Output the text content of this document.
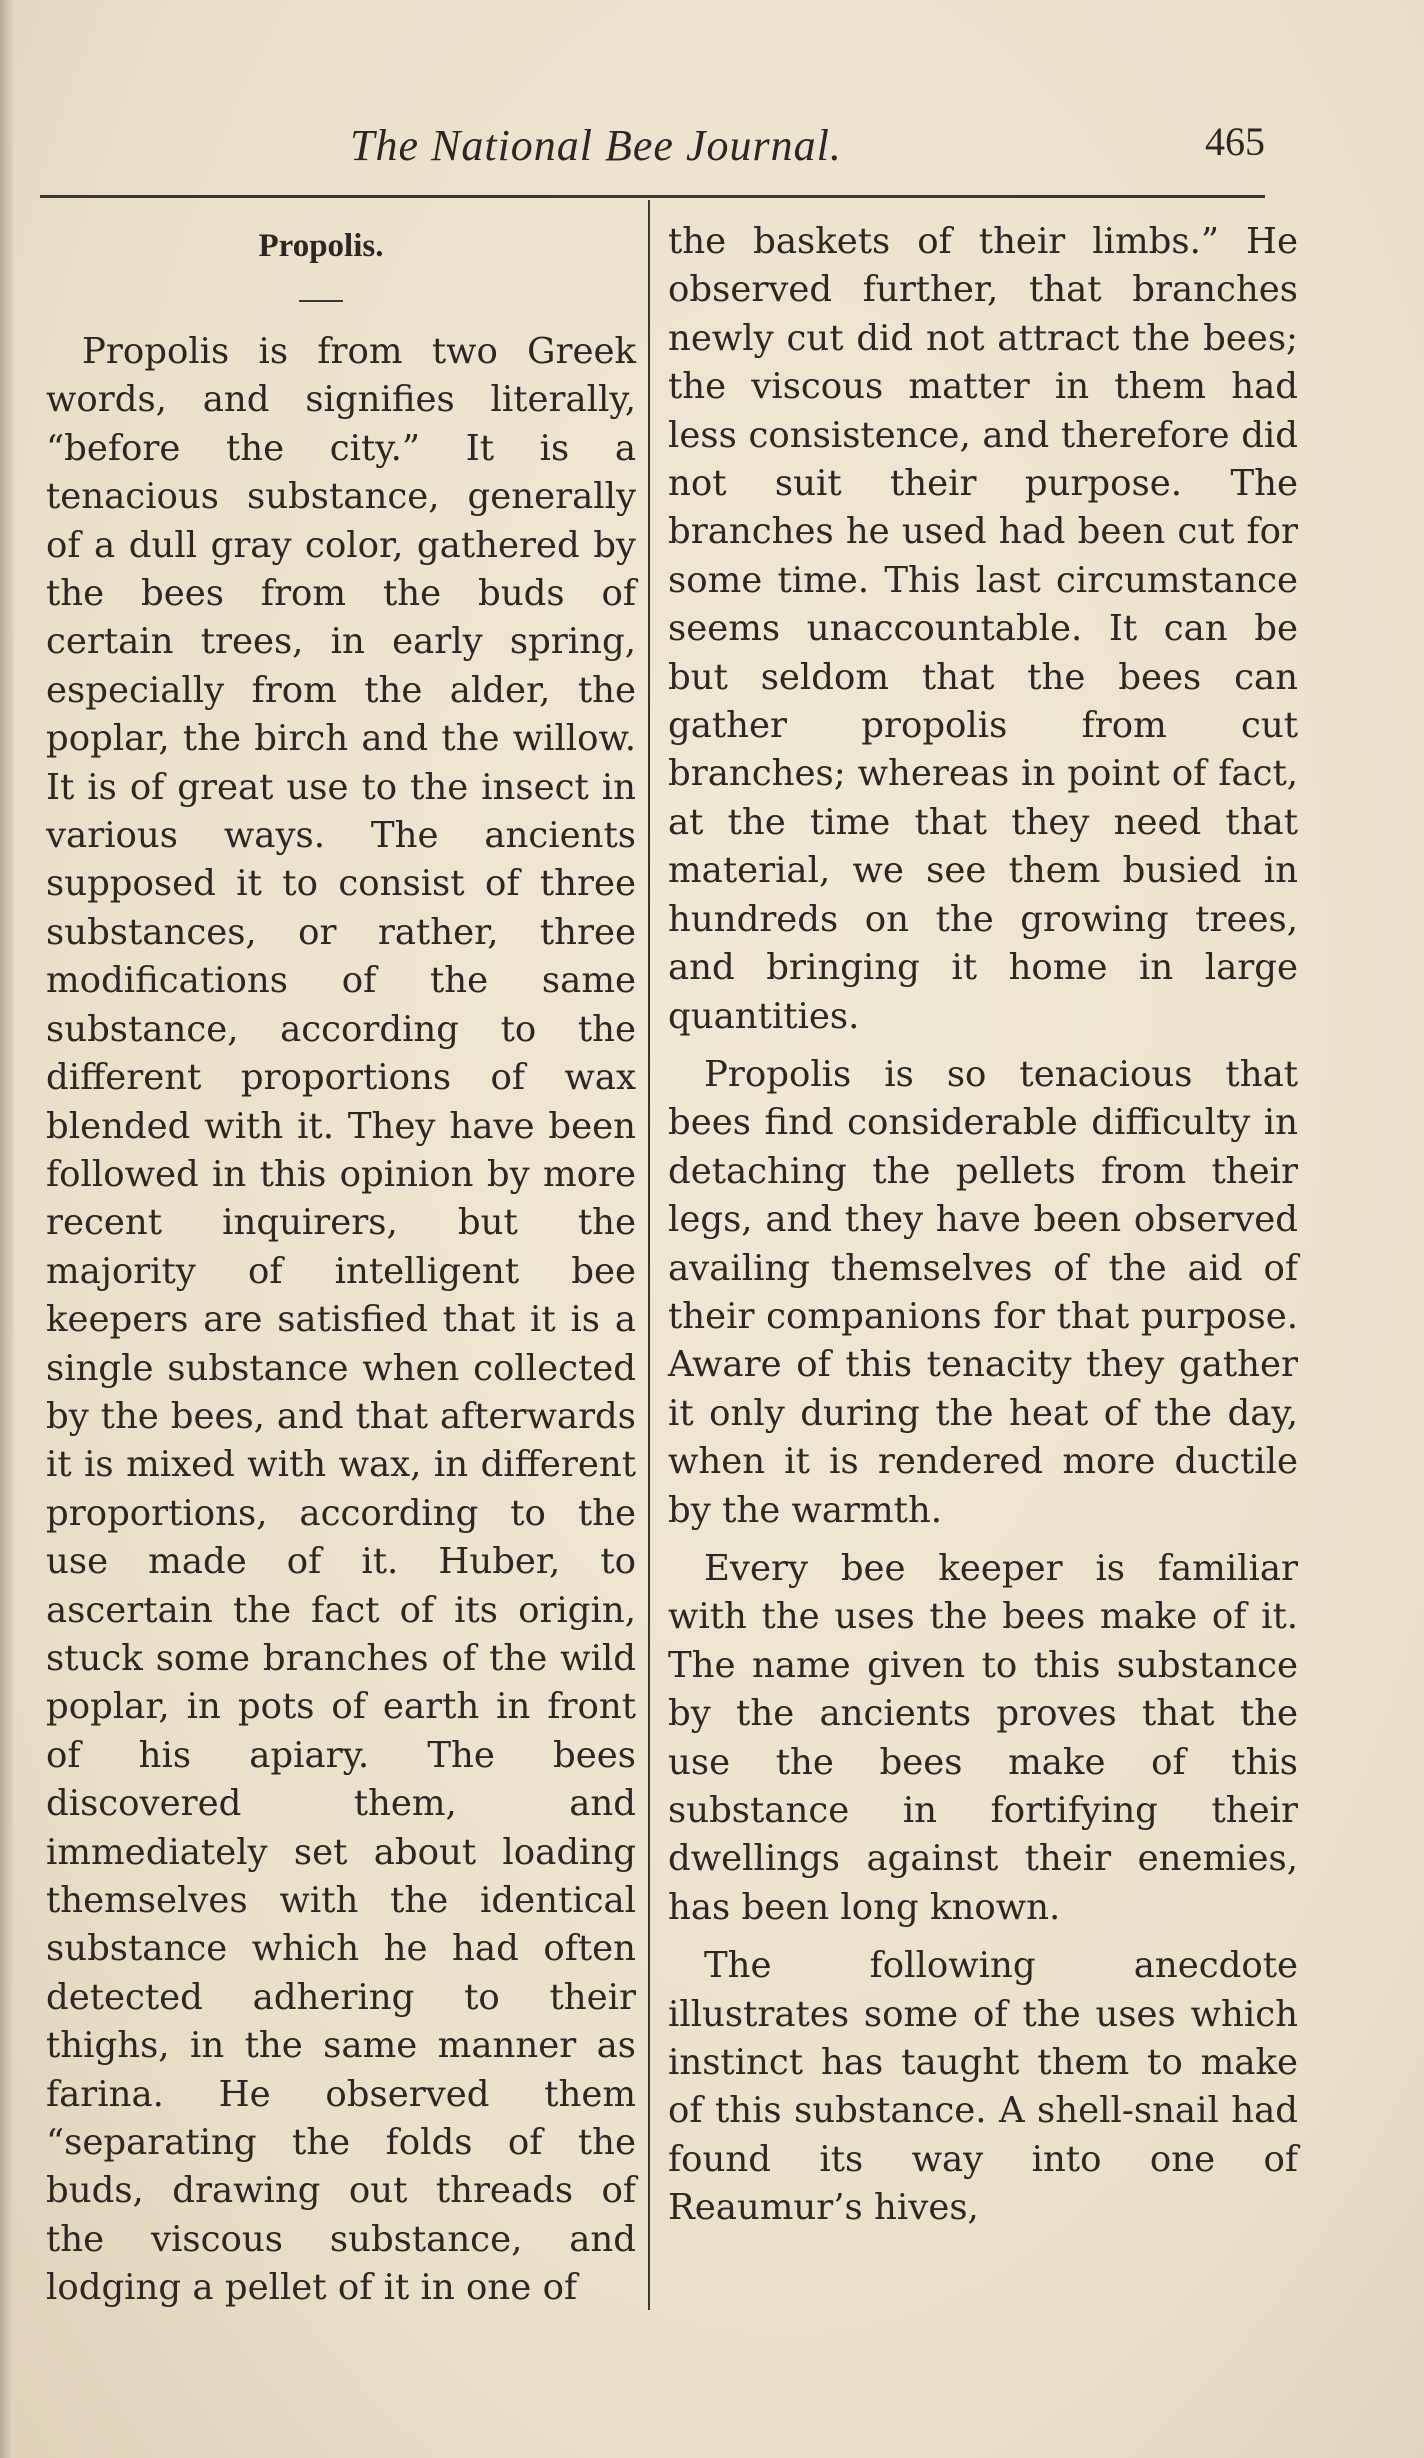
The National Bee Journal.	465
Propolis.

Propolis is from two Greek words, and signifies literally, “before the city.” It is a tenacious substance, generally of a dull gray color, gathered by the bees from the buds of certain trees, in early spring, especially from the alder, the poplar, the birch and the willow. It is of great use to the insect in various ways. The ancients supposed it to consist of three substances, or rather, three modifications of the same substance, according to the different proportions of wax blended with it. They have been followed in this opinion by more recent inquirers, but the majority of intelligent bee keepers are satisfied that it is a single substance when collected by the bees, and that afterwards it is mixed with wax, in different proportions, according to the use made of it. Huber, to ascertain the fact of its origin, stuck some branches of the wild poplar, in pots of earth in front of his apiary. The bees discovered them, and immediately set about loading themselves with the identical substance which he had often detected adhering to their thighs, in the same manner as farina. He observed them “separating the folds of the buds, drawing out threads of the viscous substance, and lodging a pellet of it in one of

the baskets of their limbs.” He observed further, that branches newly cut did not attract the bees; the viscous matter in them had less consistence, and therefore did not suit their purpose. The branches he used had been cut for some time. This last circumstance seems unaccountable. It can be but seldom that the bees can gather propolis from cut branches; whereas in point of fact, at the time that they need that material, we see them busied in hundreds on the growing trees, and bringing it home in large quantities.

Propolis is so tenacious that bees find considerable difficulty in detaching the pellets from their legs, and they have been observed availing themselves of the aid of their companions for that purpose. Aware of this tenacity they gather it only during the heat of the day, when it is rendered more ductile by the warmth.

Every bee keeper is familiar with the uses the bees make of it. The name given to this substance by the ancients proves that the use the bees make of this substance in fortifying their dwellings against their enemies, has been long known.

The following anecdote illustrates some of the uses which instinct has taught them to make of this substance. A shell-snail had found its way into one of Reaumur’s hives,
